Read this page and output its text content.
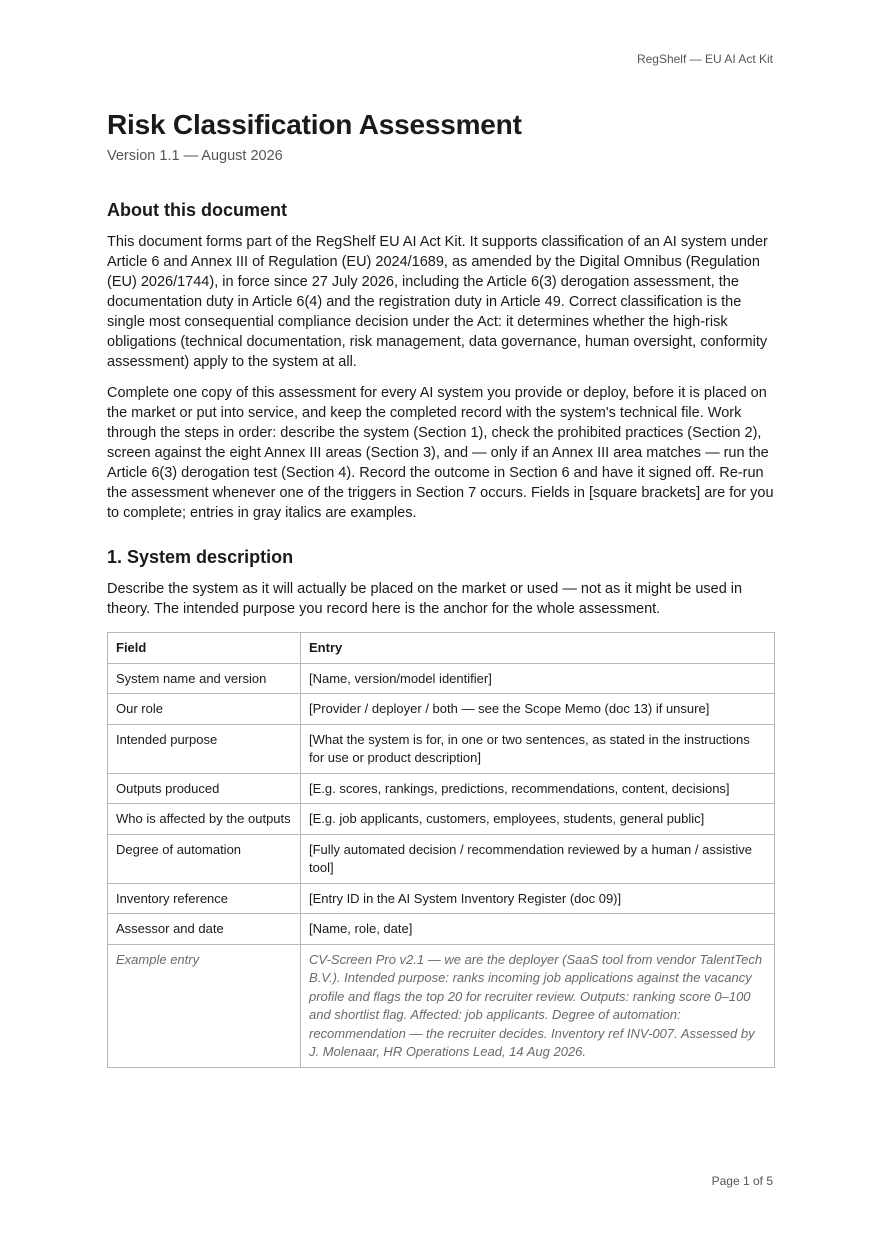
RegShelf — EU AI Act Kit
Risk Classification Assessment
Version 1.1 — August 2026
About this document

This document forms part of the RegShelf EU AI Act Kit. It supports classification of an AI system under Article 6 and Annex III of Regulation (EU) 2024/1689, as amended by the Digital Omnibus (Regulation (EU) 2026/1744), in force since 27 July 2026, including the Article 6(3) derogation assessment, the documentation duty in Article 6(4) and the registration duty in Article 49. Correct classification is the single most consequential compliance decision under the Act: it determines whether the high-risk obligations (technical documentation, risk management, data governance, human oversight, conformity assessment) apply to the system at all.

Complete one copy of this assessment for every AI system you provide or deploy, before it is placed on the market or put into service, and keep the completed record with the system's technical file. Work through the steps in order: describe the system (Section 1), check the prohibited practices (Section 2), screen against the eight Annex III areas (Section 3), and — only if an Annex III area matches — run the Article 6(3) derogation test (Section 4). Record the outcome in Section 6 and have it signed off. Re-run the assessment whenever one of the triggers in Section 7 occurs. Fields in [square brackets] are for you to complete; entries in gray italics are examples.

1. System description

Describe the system as it will actually be placed on the market or used — not as it might be used in theory. The intended purpose you record here is the anchor for the whole assessment.

Field	Entry
System name and version	[Name, version/model identifier]
Our role	[Provider / deployer / both — see the Scope Memo (doc 13) if unsure]
Intended purpose	[What the system is for, in one or two sentences, as stated in the instructions for use or product description]
Outputs produced	[E.g. scores, rankings, predictions, recommendations, content, decisions]
Who is affected by the outputs	[E.g. job applicants, customers, employees, students, general public]
Degree of automation	[Fully automated decision / recommendation reviewed by a human / assistive tool]
Inventory reference	[Entry ID in the AI System Inventory Register (doc 09)]
Assessor and date	[Name, role, date]
Example entry	CV-Screen Pro v2.1 — we are the deployer (SaaS tool from vendor TalentTech B.V.). Intended purpose: ranks incoming job applications against the vacancy profile and flags the top 20 for recruiter review. Outputs: ranking score 0–100 and shortlist flag. Affected: job applicants. Degree of automation: recommendation — the recruiter decides. Inventory ref INV-007. Assessed by J. Molenaar, HR Operations Lead, 14 Aug 2026.
Page 1 of 5
